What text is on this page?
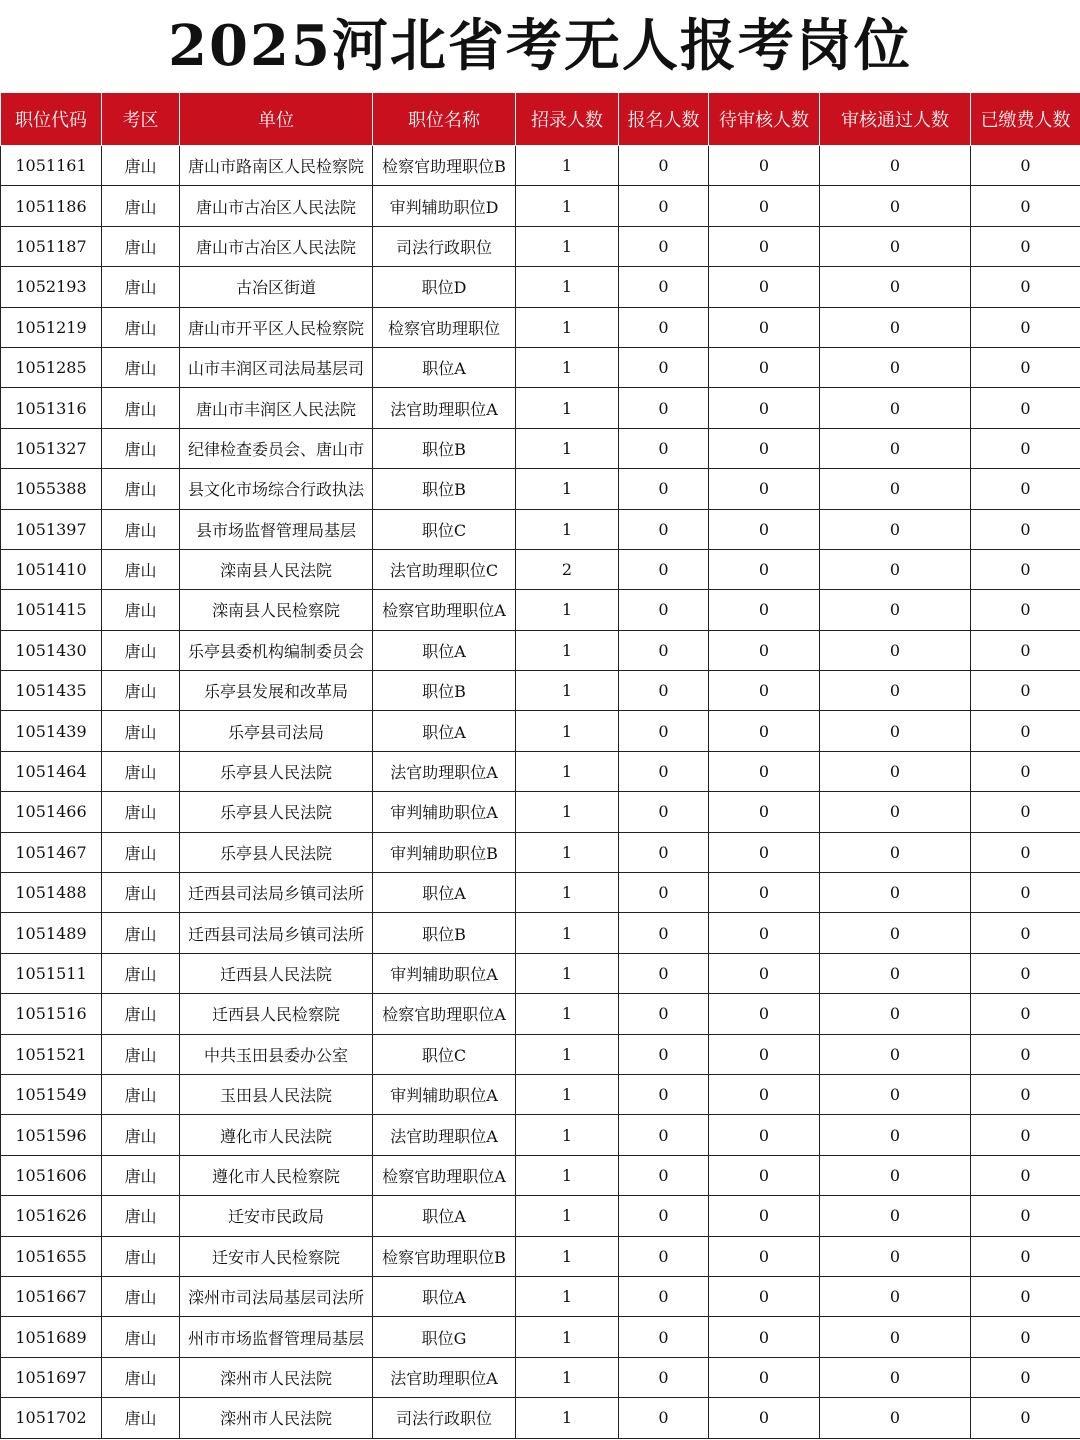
2025河北省考无人报考岗位
职位代码	考区	单位	职位名称	招录人数	报名人数	待审核人数	审核通过人数	已缴费人数
1051161	唐山	唐山市路南区人民检察院	检察官助理职位B	1	0	0	0	0
1051186	唐山	唐山市古冶区人民法院	审判辅助职位D	1	0	0	0	0
1051187	唐山	唐山市古冶区人民法院	司法行政职位	1	0	0	0	0
1052193	唐山	古冶区街道	职位D	1	0	0	0	0
1051219	唐山	唐山市开平区人民检察院	检察官助理职位	1	0	0	0	0
1051285	唐山	山市丰润区司法局基层司	职位A	1	0	0	0	0
1051316	唐山	唐山市丰润区人民法院	法官助理职位A	1	0	0	0	0
1051327	唐山	纪律检查委员会、唐山市	职位B	1	0	0	0	0
1055388	唐山	县文化市场综合行政执法	职位B	1	0	0	0	0
1051397	唐山	县市场监督管理局基层	职位C	1	0	0	0	0
1051410	唐山	滦南县人民法院	法官助理职位C	2	0	0	0	0
1051415	唐山	滦南县人民检察院	检察官助理职位A	1	0	0	0	0
1051430	唐山	乐亭县委机构编制委员会	职位A	1	0	0	0	0
1051435	唐山	乐亭县发展和改革局	职位B	1	0	0	0	0
1051439	唐山	乐亭县司法局	职位A	1	0	0	0	0
1051464	唐山	乐亭县人民法院	法官助理职位A	1	0	0	0	0
1051466	唐山	乐亭县人民法院	审判辅助职位A	1	0	0	0	0
1051467	唐山	乐亭县人民法院	审判辅助职位B	1	0	0	0	0
1051488	唐山	迁西县司法局乡镇司法所	职位A	1	0	0	0	0
1051489	唐山	迁西县司法局乡镇司法所	职位B	1	0	0	0	0
1051511	唐山	迁西县人民法院	审判辅助职位A	1	0	0	0	0
1051516	唐山	迁西县人民检察院	检察官助理职位A	1	0	0	0	0
1051521	唐山	中共玉田县委办公室	职位C	1	0	0	0	0
1051549	唐山	玉田县人民法院	审判辅助职位A	1	0	0	0	0
1051596	唐山	遵化市人民法院	法官助理职位A	1	0	0	0	0
1051606	唐山	遵化市人民检察院	检察官助理职位A	1	0	0	0	0
1051626	唐山	迁安市民政局	职位A	1	0	0	0	0
1051655	唐山	迁安市人民检察院	检察官助理职位B	1	0	0	0	0
1051667	唐山	滦州市司法局基层司法所	职位A	1	0	0	0	0
1051689	唐山	州市市场监督管理局基层	职位G	1	0	0	0	0
1051697	唐山	滦州市人民法院	法官助理职位A	1	0	0	0	0
1051702	唐山	滦州市人民法院	司法行政职位	1	0	0	0	0
